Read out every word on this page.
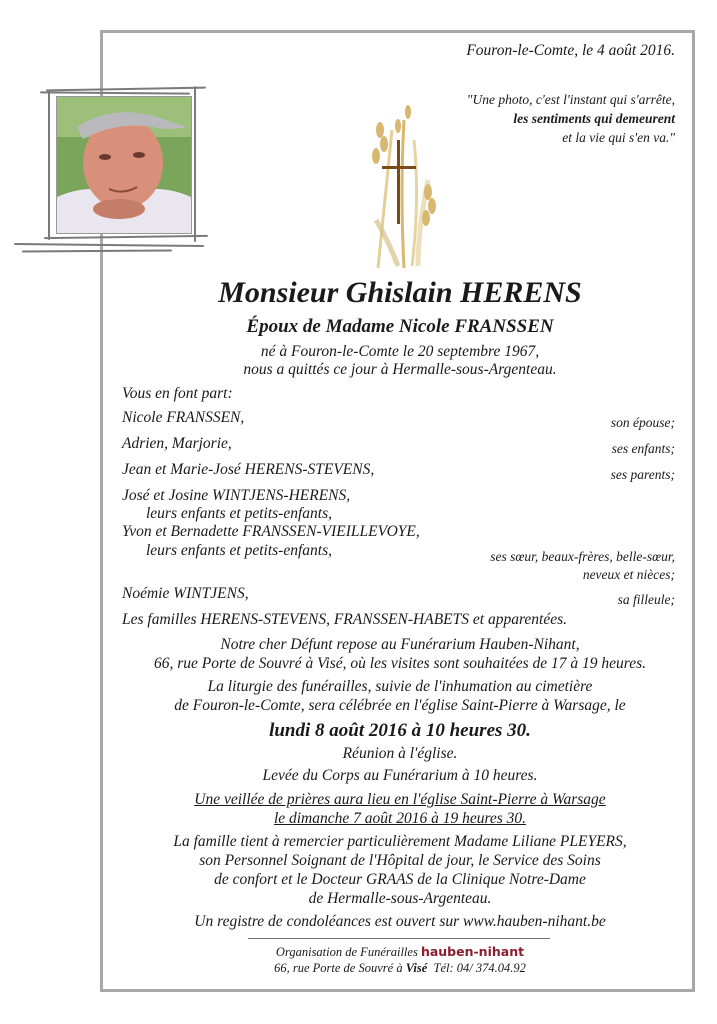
Fouron-le-Comte, le 4 août 2016.
"Une photo, c'est l'instant qui s'arrête,
les sentiments qui demeurent
et la vie qui s'en va."
Monsieur Ghislain HERENS
Époux de Madame Nicole FRANSSEN
né à Fouron-le-Comte le 20 septembre 1967,
nous a quittés ce jour à Hermalle-sous-Argenteau.
Vous en font part:
Nicole FRANSSEN,
Adrien, Marjorie,
Jean et Marie-José HERENS-STEVENS,
José et Josine WINTJENS-HERENS,
leurs enfants et petits-enfants,
Yvon et Bernadette FRANSSEN-VIEILLEVOYE,
leurs enfants et petits-enfants,
Noémie WINTJENS,
Les familles HERENS-STEVENS, FRANSSEN-HABETS et apparentées.
son épouse;
ses enfants;
ses parents;
ses sœur, beaux-frères, belle-sœur,
neveux et nièces;
sa filleule;
Notre cher Défunt repose au Funérarium Hauben-Nihant,
66, rue Porte de Souvré à Visé, où les visites sont souhaitées de 17 à 19 heures.
La liturgie des funérailles, suivie de l'inhumation au cimetière
de Fouron-le-Comte, sera célébrée en l'église Saint-Pierre à Warsage, le
lundi 8 août 2016 à 10 heures 30.
Réunion à l'église.
Levée du Corps au Funérarium à 10 heures.
Une veillée de prières aura lieu en l'église Saint-Pierre à Warsage
le dimanche 7 août 2016 à 19 heures 30.
La famille tient à remercier particulièrement Madame Liliane PLEYERS,
son Personnel Soignant de l'Hôpital de jour, le Service des Soins
de confort et le Docteur GRAAS de la Clinique Notre-Dame
de Hermalle-sous-Argenteau.
Un registre de condoléances est ouvert sur www.hauben-nihant.be
Organisation de Funérailles hauben-nihant
66, rue Porte de Souvré à Visé Tél: 04/ 374.04.92
